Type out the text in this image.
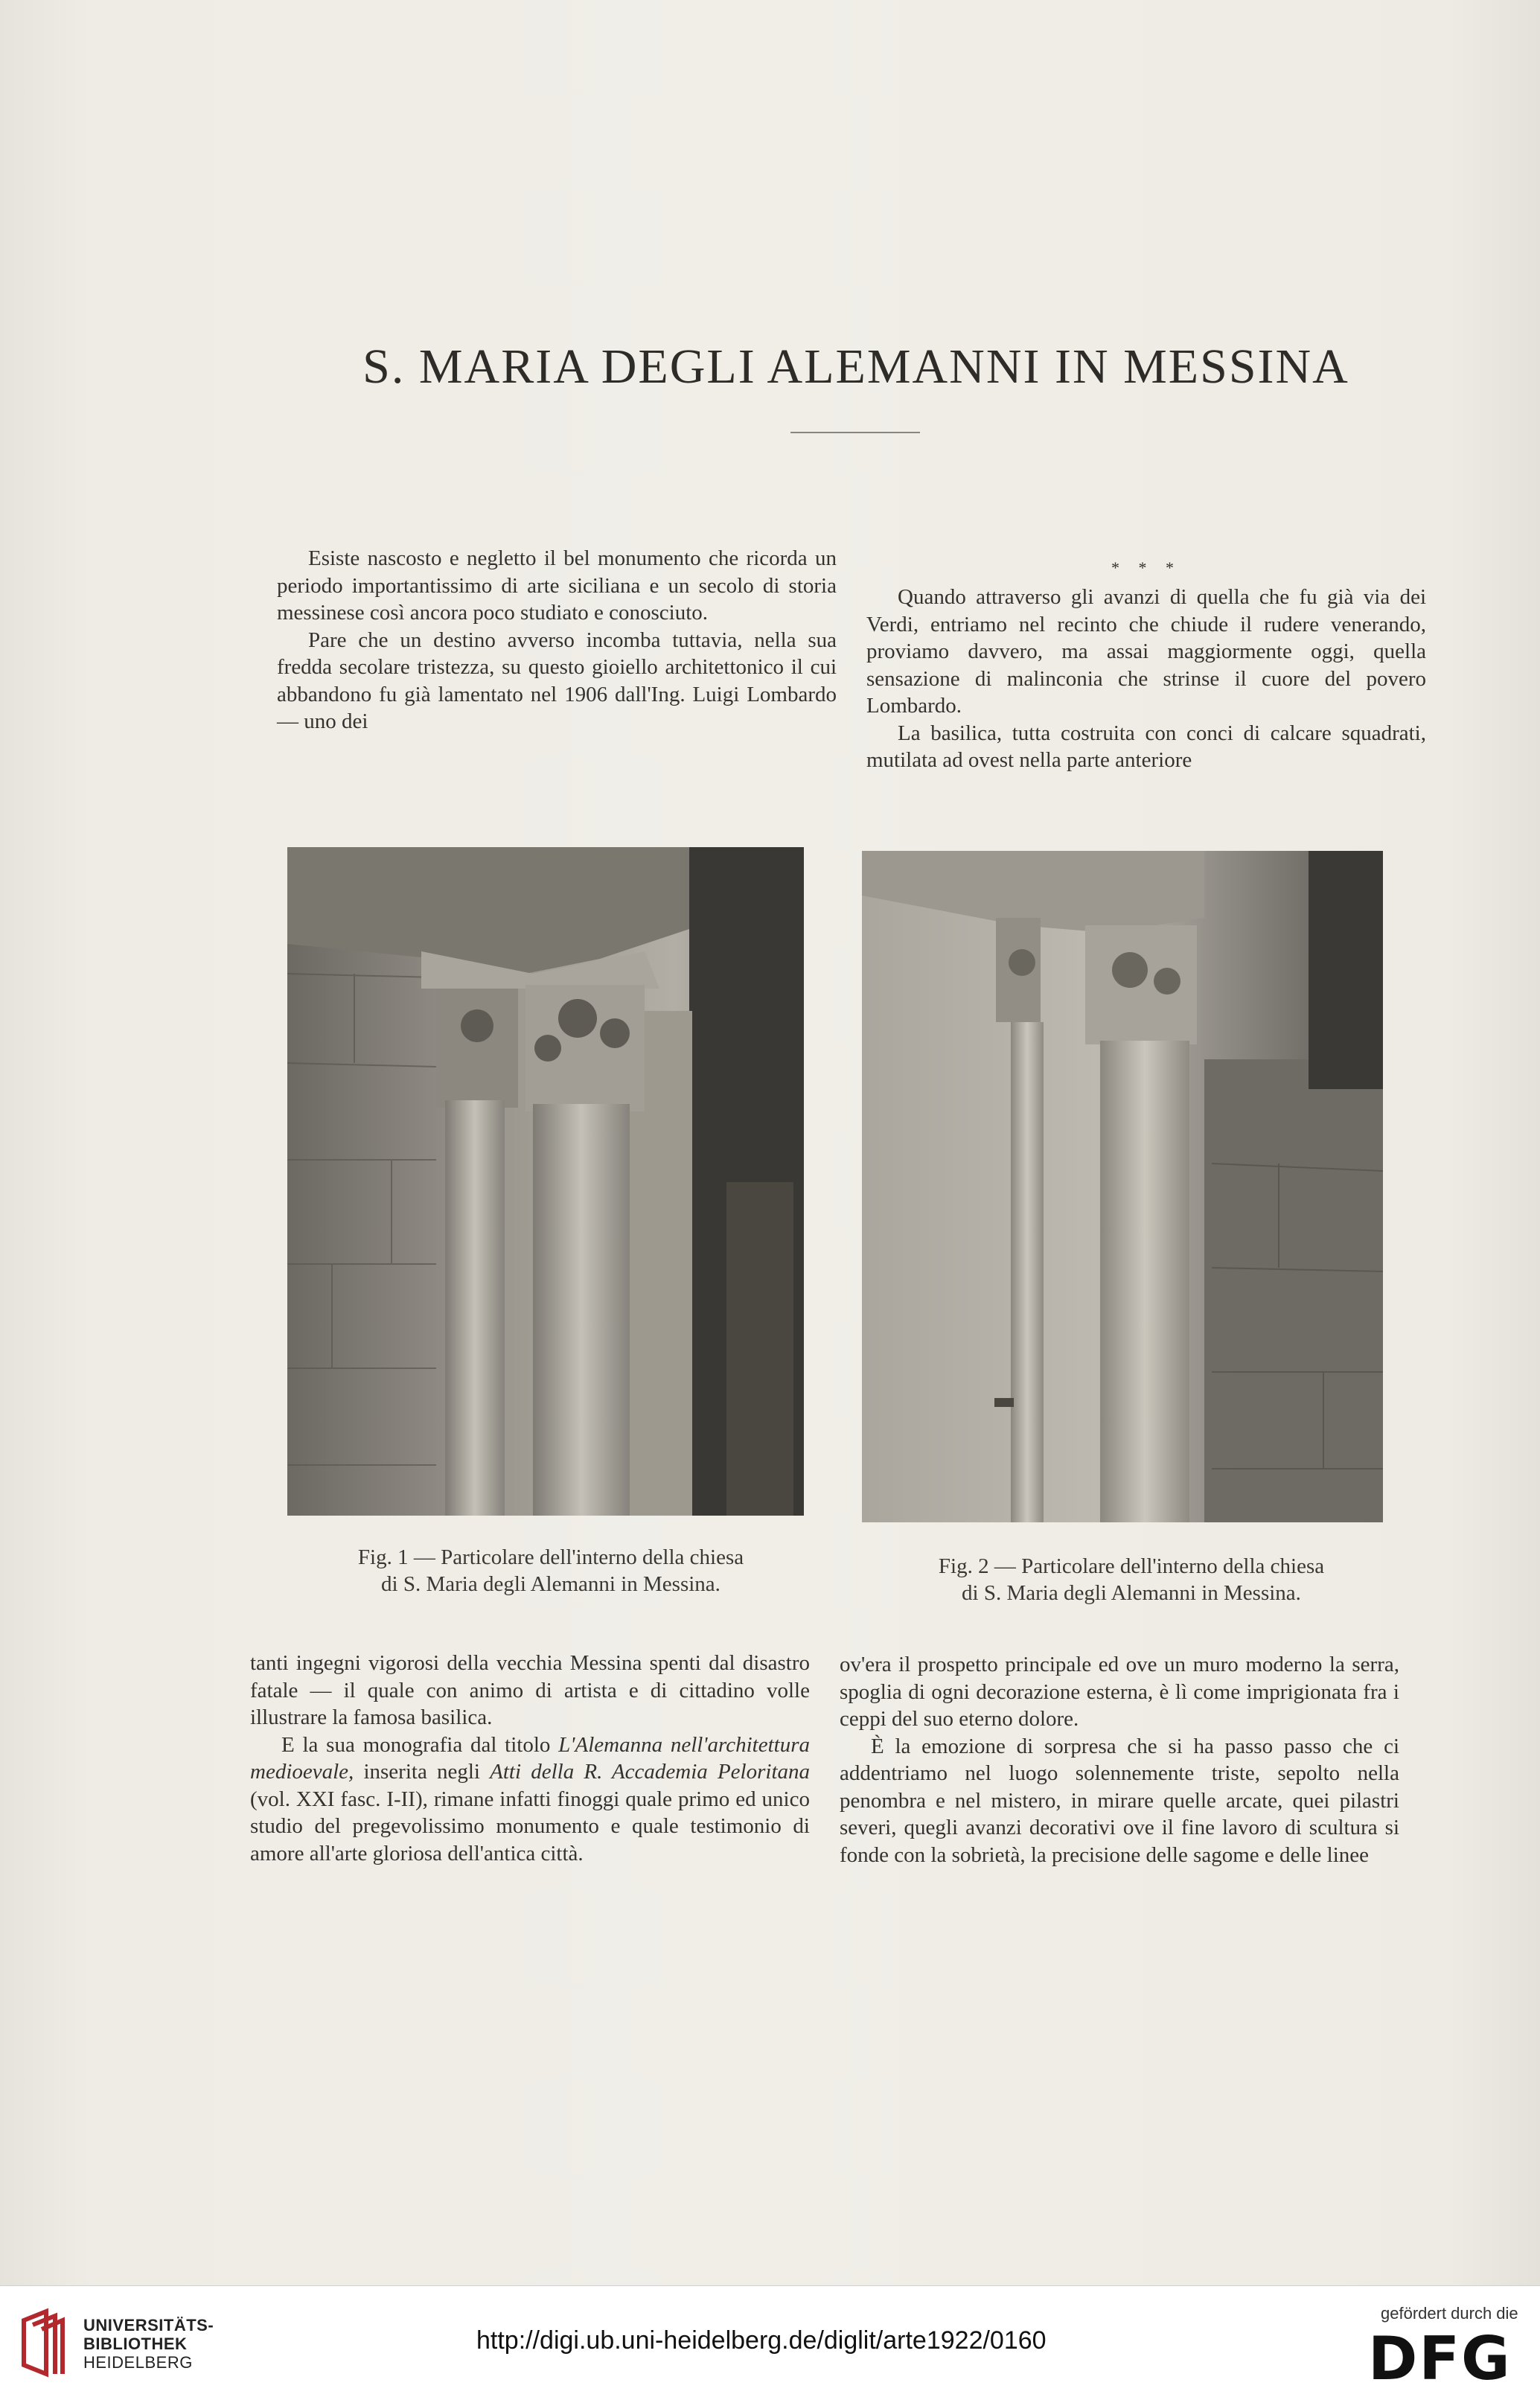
S. MARIA DEGLI ALEMANNI IN MESSINA

Esiste nascosto e negletto il bel monumento che ricorda un periodo importantissimo di arte siciliana e un secolo di storia messinese così ancora poco studiato e conosciuto.

Pare che un destino avverso incomba tuttavia, nella sua fredda secolare tristezza, su questo gioiello architettonico il cui abbandono fu già lamentato nel 1906 dall'Ing. Luigi Lombardo — uno dei

* * *

Quando attraverso gli avanzi di quella che fu già via dei Verdi, entriamo nel recinto che chiude il rudere venerando, proviamo davvero, ma assai maggiormente oggi, quella sensazione di malinconia che strinse il cuore del povero Lombardo.

La basilica, tutta costruita con conci di calcare squadrati, mutilata ad ovest nella parte anteriore

Fig. 1 — Particolare dell'interno della chiesa
di S. Maria degli Alemanni in Messina.
Fig. 2 — Particolare dell'interno della chiesa
di S. Maria degli Alemanni in Messina.

tanti ingegni vigorosi della vecchia Messina spenti dal disastro fatale — il quale con animo di artista e di cittadino volle illustrare la famosa basilica.

E la sua monografia dal titolo L'Alemanna nell'architettura medioevale, inserita negli Atti della R. Accademia Peloritana (vol. XXI fasc. I-II), rimane infatti finoggi quale primo ed unico studio del pregevolissimo monumento e quale testimonio di amore all'arte gloriosa dell'antica città.

ov'era il prospetto principale ed ove un muro moderno la serra, spoglia di ogni decorazione esterna, è lì come imprigionata fra i ceppi del suo eterno dolore.

È la emozione di sorpresa che si ha passo passo che ci addentriamo nel luogo solennemente triste, sepolto nella penombra e nel mistero, in mirare quelle arcate, quei pilastri severi, quegli avanzi decorativi ove il fine lavoro di scultura si fonde con la sobrietà, la precisione delle sagome e delle linee

UNIVERSITÄTS-
BIBLIOTHEK
HEIDELBERG
http://digi.ub.uni-heidelberg.de/diglit/arte1922/0160
gefördert durch die
DFG
